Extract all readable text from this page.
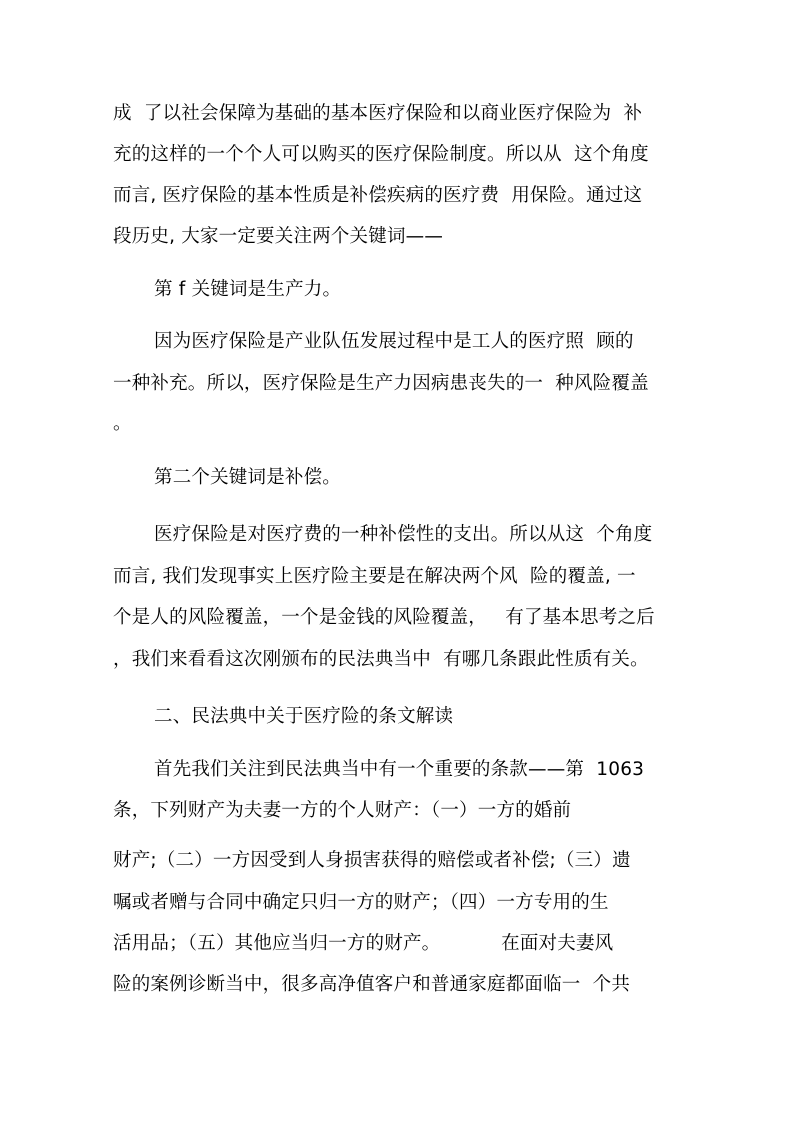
成  了以社会保障为基础的基本医疗保险和以商业医疗保险为  补
充的这样的一个个人可以购买的医疗保险制度。所以从  这个角度
而言, 医疗保险的基本性质是补偿疾病的医疗费  用保险。通过这
段历史, 大家一定要关注两个关键词——
第 f 关键词是生产力。
因为医疗保险是产业队伍发展过程中是工人的医疗照  顾的
一种补充。所以，医疗保险是生产力因病患丧失的一  种风险覆盖
。
第二个关键词是补偿。
医疗保险是对医疗费的一种补偿性的支出。所以从这  个角度
而言, 我们发现事实上医疗险主要是在解决两个风  险的覆盖, 一
个是人的风险覆盖，一个是金钱的风险覆盖，   有了基本思考之后
，我们来看看这次刚颁布的民法典当中  有哪几条跟此性质有关。
二、民法典中关于医疗险的条文解读
首先我们关注到民法典当中有一个重要的条款——第  1063
条，下列财产为夫妻一方的个人财产：（一）一方的婚前
财产;（二）一方因受到人身损害获得的赔偿或者补偿;（三）遗
嘱或者赠与合同中确定只归一方的财产；（四）一方专用的生
活用品；（五）其他应当归一方的财产。          在面对夫妻风
险的案例诊断当中，很多高净值客户和普通家庭都面临一  个共
